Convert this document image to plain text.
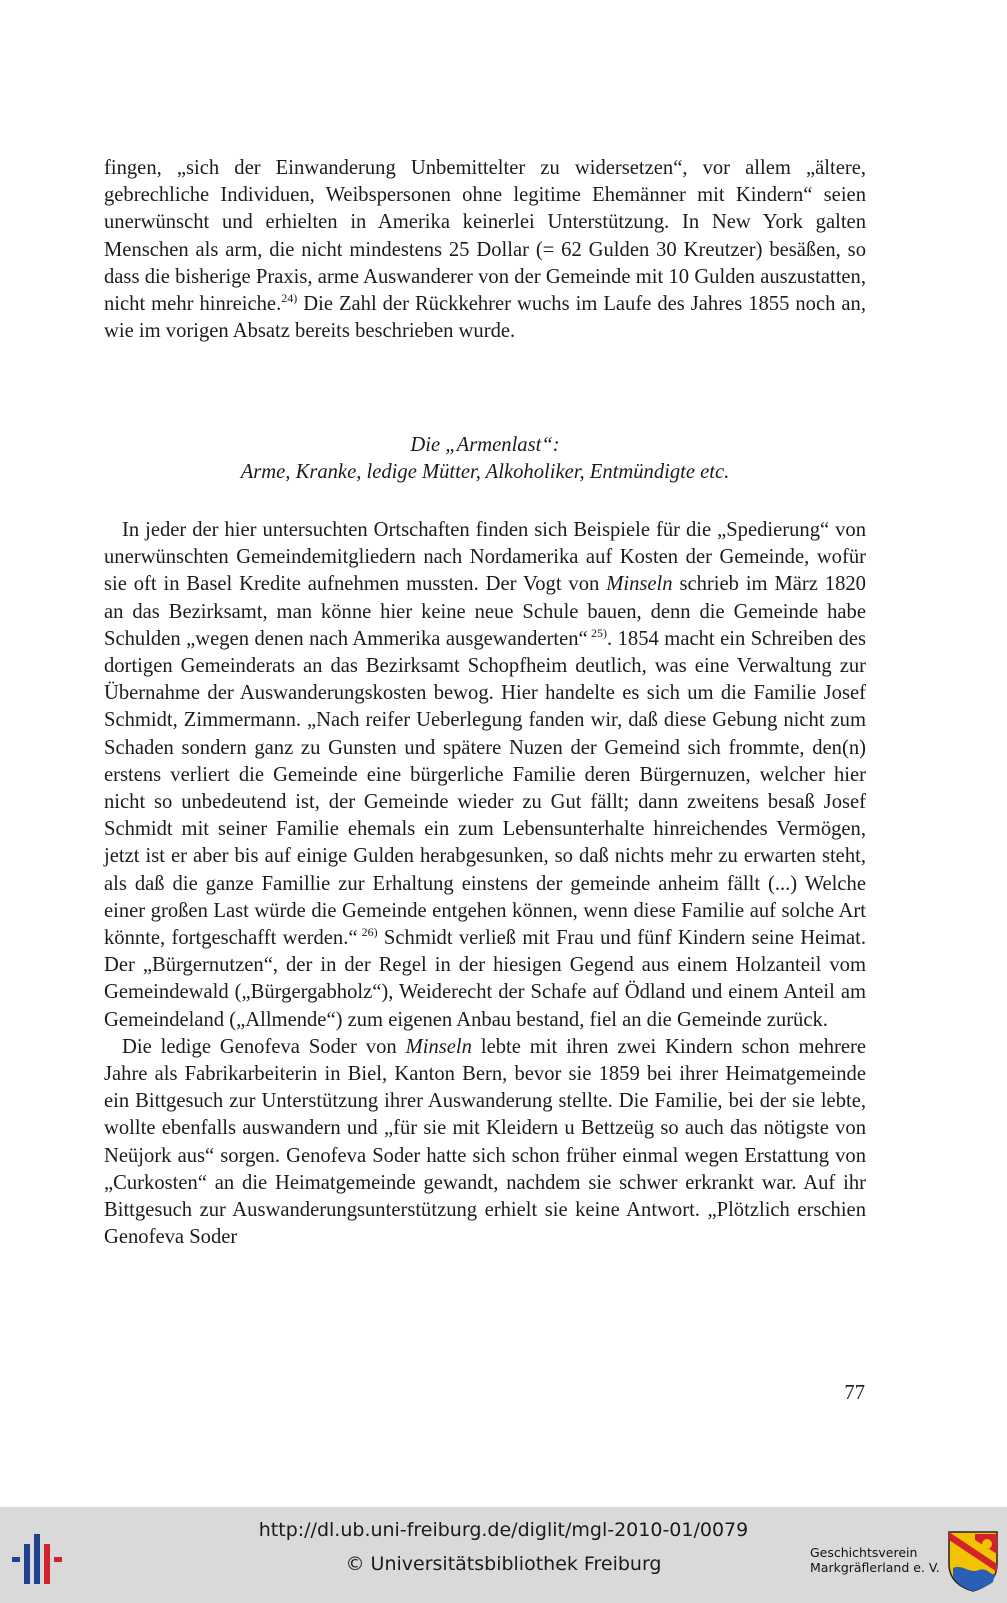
fingen, „sich der Einwanderung Unbemittelter zu widersetzen“, vor allem „ältere, gebrechliche Individuen, Weibspersonen ohne legitime Ehemänner mit Kindern“ seien unerwünscht und erhielten in Amerika keinerlei Unterstützung. In New York galten Menschen als arm, die nicht mindestens 25 Dollar (= 62 Gulden 30 Kreutzer) besäßen, so dass die bisherige Praxis, arme Auswanderer von der Gemeinde mit 10 Gulden auszustatten, nicht mehr hinreiche.$^{24)}$ Die Zahl der Rückkehrer wuchs im Laufe des Jahres 1855 noch an, wie im vorigen Absatz bereits beschrieben wurde.

Die „Armenlast“:
Arme, Kranke, ledige Mütter, Alkoholiker, Entmündigte etc.

In jeder der hier untersuchten Ortschaften finden sich Beispiele für die „Spedierung“ von unerwünschten Gemeindemitgliedern nach Nordamerika auf Kosten der Gemeinde, wofür sie oft in Basel Kredite aufnehmen mussten. Der Vogt von Minseln schrieb im März 1820 an das Bezirksamt, man könne hier keine neue Schule bauen, denn die Gemeinde habe Schulden „wegen denen nach Ammerika ausgewanderten“ $^{25)}$. 1854 macht ein Schreiben des dortigen Gemeinderats an das Bezirksamt Schopfheim deutlich, was eine Verwaltung zur Übernahme der Auswanderungskosten bewog. Hier handelte es sich um die Familie Josef Schmidt, Zimmermann. „Nach reifer Ueberlegung fanden wir, daß diese Gebung nicht zum Schaden sondern ganz zu Gunsten und spätere Nuzen der Gemeind sich frommte, den(n) erstens verliert die Gemeinde eine bürgerliche Familie deren Bürgernuzen, welcher hier nicht so unbedeutend ist, der Gemeinde wieder zu Gut fällt; dann zweitens besaß Josef Schmidt mit seiner Familie ehemals ein zum Lebensunterhalte hinreichendes Vermögen, jetzt ist er aber bis auf einige Gulden herabgesunken, so daß nichts mehr zu erwarten steht, als daß die ganze Famillie zur Erhaltung einstens der gemeinde anheim fällt (...) Welche einer großen Last würde die Gemeinde entgehen können, wenn diese Familie auf solche Art könnte, fortgeschafft werden.“ $^{26)}$ Schmidt verließ mit Frau und fünf Kindern seine Heimat. Der „Bürgernutzen“, der in der Regel in der hiesigen Gegend aus einem Holzanteil vom Gemeindewald („Bürgergabholz“), Weiderecht der Schafe auf Ödland und einem Anteil am Gemeindeland („Allmende“) zum eigenen Anbau bestand, fiel an die Gemeinde zurück.

Die ledige Genofeva Soder von Minseln lebte mit ihren zwei Kindern schon mehrere Jahre als Fabrikarbeiterin in Biel, Kanton Bern, bevor sie 1859 bei ihrer Heimatgemeinde ein Bittgesuch zur Unterstützung ihrer Auswanderung stellte. Die Familie, bei der sie lebte, wollte ebenfalls auswandern und „für sie mit Kleidern u Bettzeüg so auch das nötigste von Neüjork aus“ sorgen. Genofeva Soder hatte sich schon früher einmal wegen Erstattung von „Curkosten“ an die Heimatgemeinde gewandt, nachdem sie schwer erkrankt war. Auf ihr Bittgesuch zur Auswanderungsunterstützung erhielt sie keine Antwort. „Plötzlich erschien Genofeva Soder

77
http://dl.ub.uni-freiburg.de/diglit/mgl-2010-01/0079
© Universitätsbibliothek Freiburg
Geschichtsverein
Markgräflerland e. V.
